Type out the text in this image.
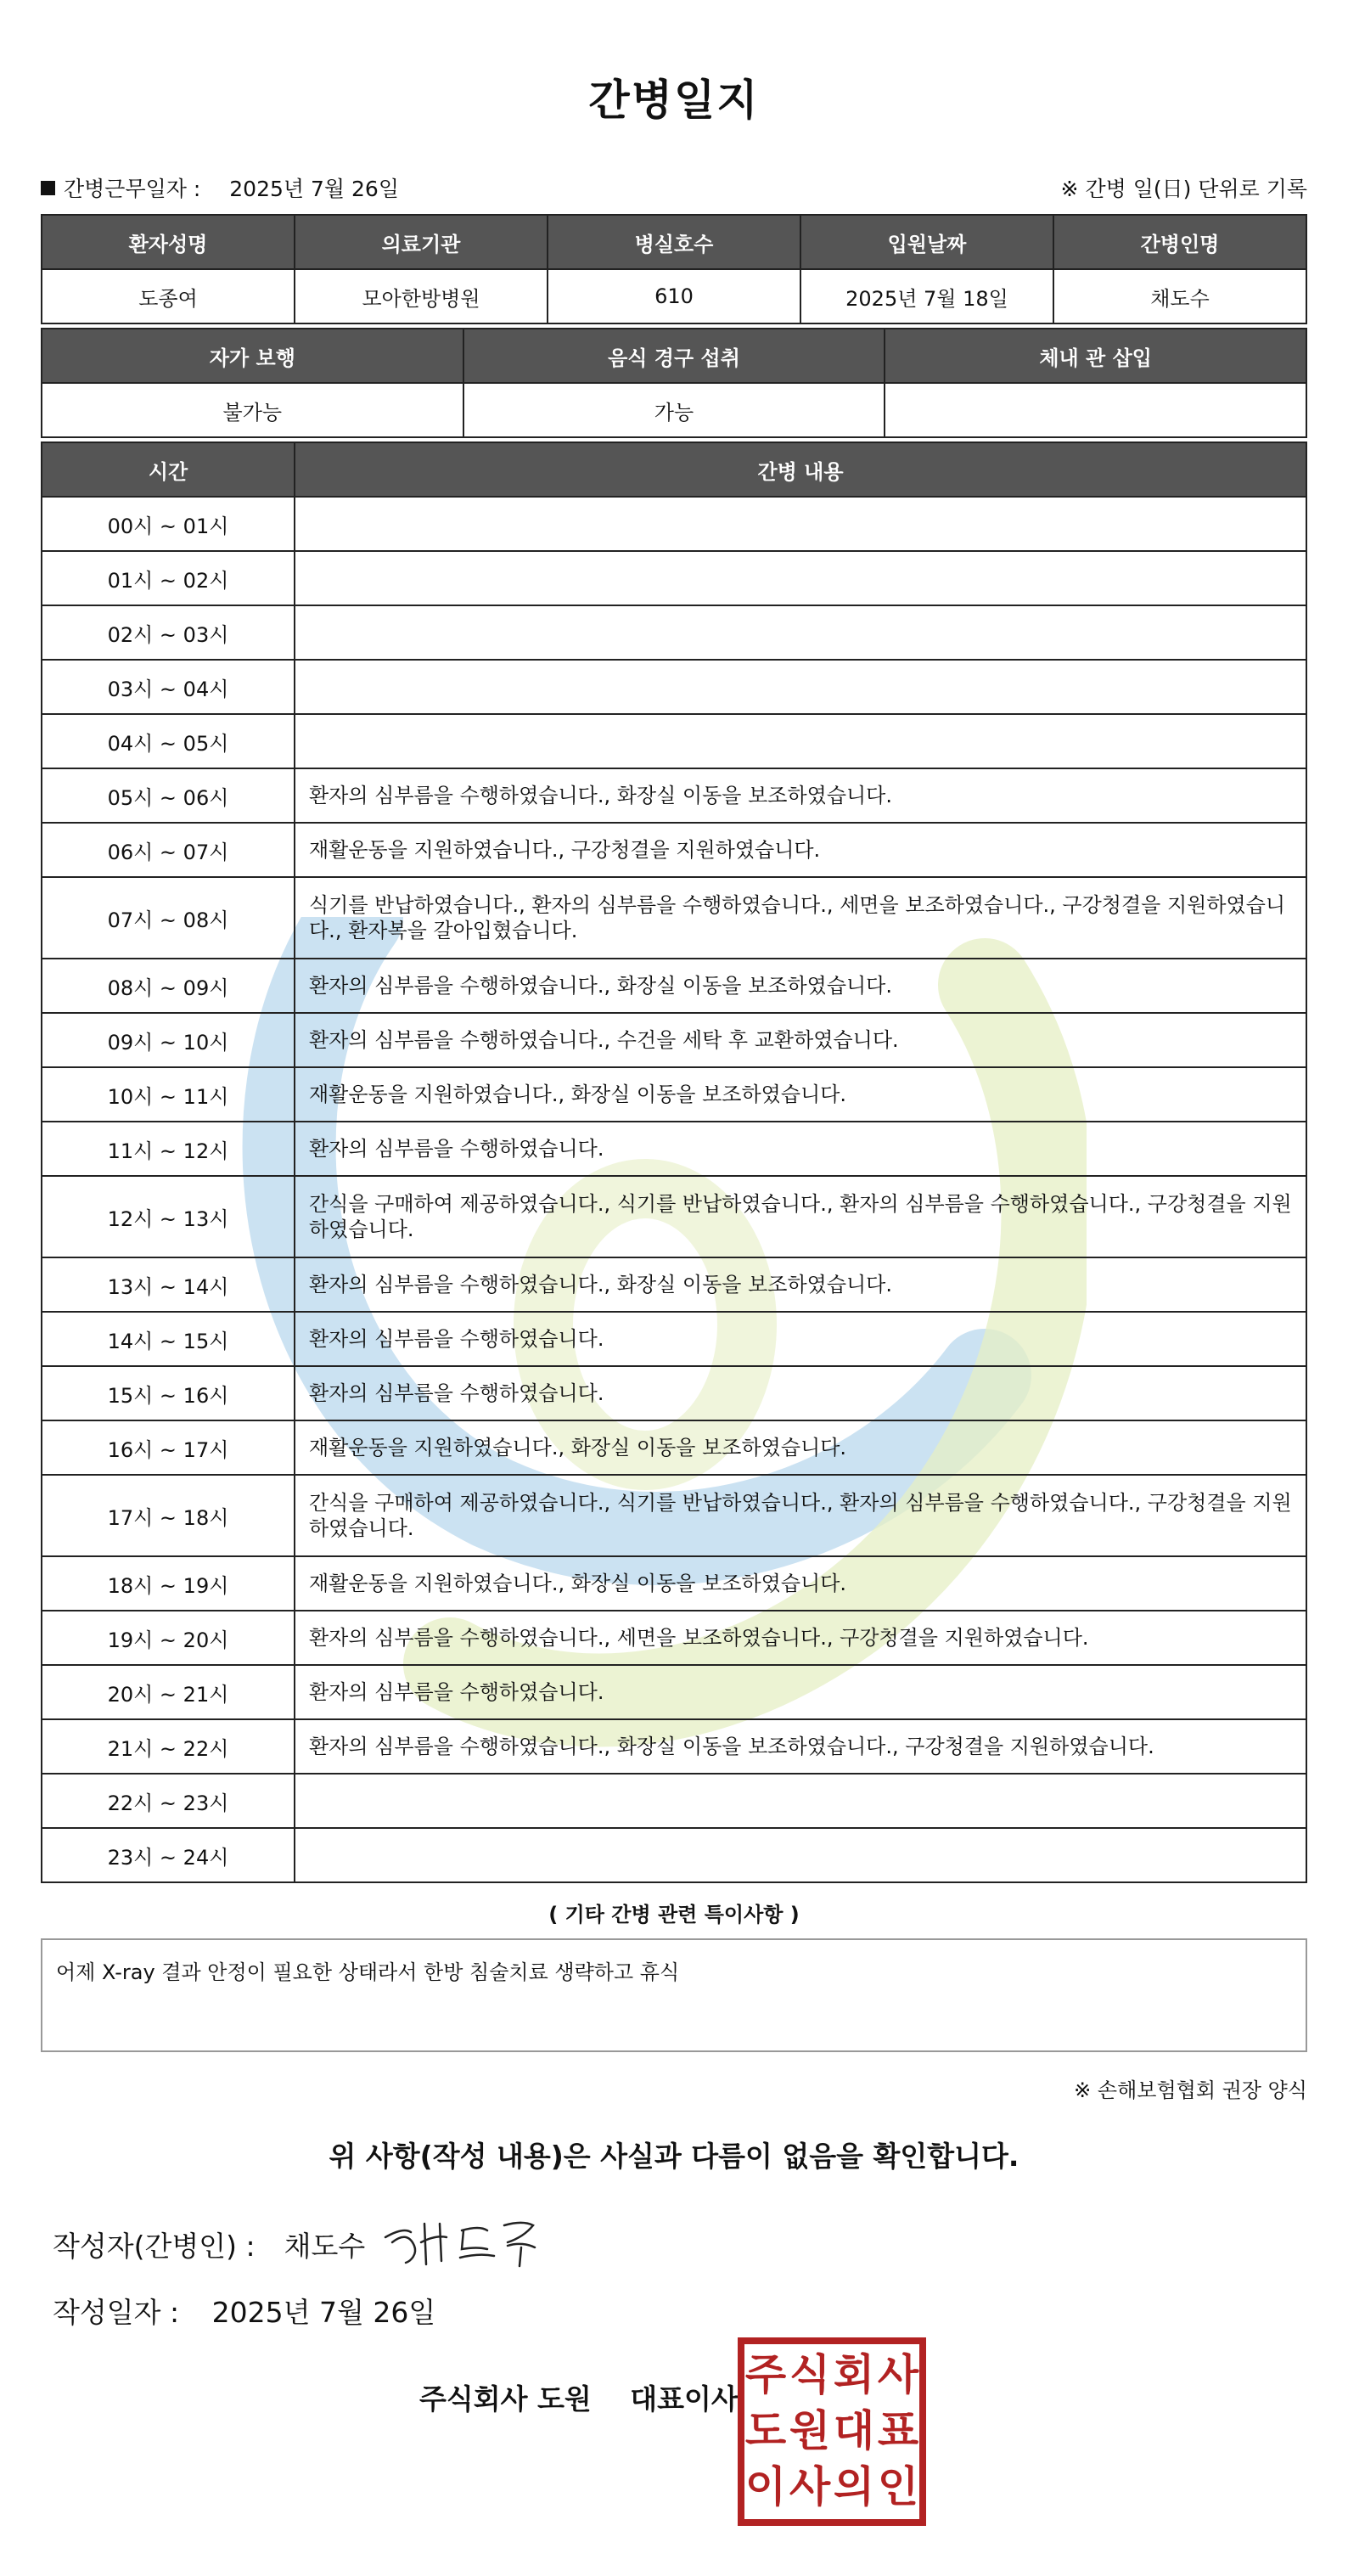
간병일지
간병근무일자 : 2025년 7월 26일	※ 간병 일(日) 단위로 기록
환자성명	의료기관	병실호수	입원날짜	간병인명
도종여	모아한방병원	610	2025년 7월 18일	채도수
자가 보행	음식 경구 섭취	체내 관 삽입
불가능	가능	
시간	간병 내용
00시 ~ 01시	
01시 ~ 02시	
02시 ~ 03시	
03시 ~ 04시	
04시 ~ 05시	
05시 ~ 06시	환자의 심부름을 수행하였습니다., 화장실 이동을 보조하였습니다.
06시 ~ 07시	재활운동을 지원하였습니다., 구강청결을 지원하였습니다.
07시 ~ 08시	식기를 반납하였습니다., 환자의 심부름을 수행하였습니다., 세면을 보조하였습니다., 구강청결을 지원하였습니다., 환자복을 갈아입혔습니다.
08시 ~ 09시	환자의 심부름을 수행하였습니다., 화장실 이동을 보조하였습니다.
09시 ~ 10시	환자의 심부름을 수행하였습니다., 수건을 세탁 후 교환하였습니다.
10시 ~ 11시	재활운동을 지원하였습니다., 화장실 이동을 보조하였습니다.
11시 ~ 12시	환자의 심부름을 수행하였습니다.
12시 ~ 13시	간식을 구매하여 제공하였습니다., 식기를 반납하였습니다., 환자의 심부름을 수행하였습니다., 구강청결을 지원하였습니다.
13시 ~ 14시	환자의 심부름을 수행하였습니다., 화장실 이동을 보조하였습니다.
14시 ~ 15시	환자의 심부름을 수행하였습니다.
15시 ~ 16시	환자의 심부름을 수행하였습니다.
16시 ~ 17시	재활운동을 지원하였습니다., 화장실 이동을 보조하였습니다.
17시 ~ 18시	간식을 구매하여 제공하였습니다., 식기를 반납하였습니다., 환자의 심부름을 수행하였습니다., 구강청결을 지원하였습니다.
18시 ~ 19시	재활운동을 지원하였습니다., 화장실 이동을 보조하였습니다.
19시 ~ 20시	환자의 심부름을 수행하였습니다., 세면을 보조하였습니다., 구강청결을 지원하였습니다.
20시 ~ 21시	환자의 심부름을 수행하였습니다.
21시 ~ 22시	환자의 심부름을 수행하였습니다., 화장실 이동을 보조하였습니다., 구강청결을 지원하였습니다.
22시 ~ 23시	
23시 ~ 24시	
( 기타 간병 관련 특이사항 )
어제 X-ray 결과 안정이 필요한 상태라서 한방 침술치료 생략하고 휴식
※ 손해보험협회 권장 양식
위 사항(작성 내용)은 사실과 다름이 없음을 확인합니다.
작성자(간병인) : 채도수
작성일자 : 2025년 7월 26일
주식회사 도원 대표이사 주 식 회 사
도 원 대 표
이 사 의 인
